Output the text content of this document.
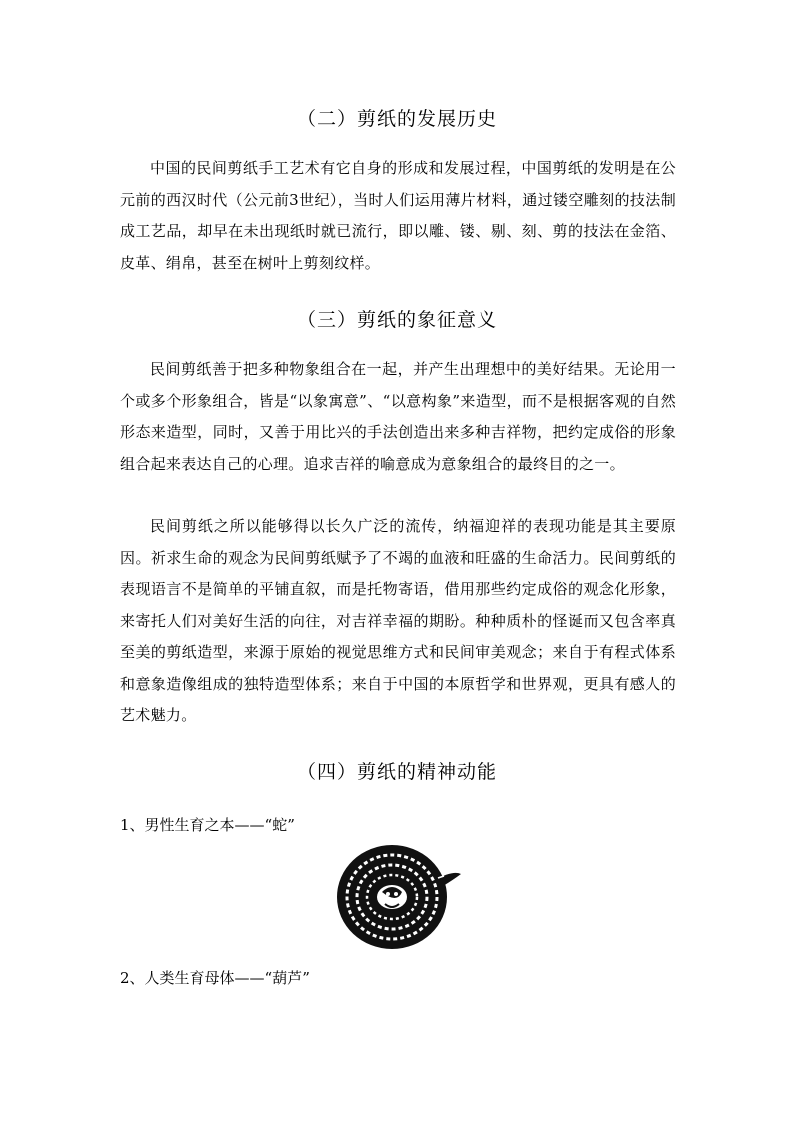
（二）剪纸的发展历史

中国的民间剪纸手工艺术有它自身的形成和发展过程，中国剪纸的发明是在公元前的西汉时代（公元前3世纪），当时人们运用薄片材料，通过镂空雕刻的技法制成工艺品，却早在未出现纸时就已流行，即以雕、镂、剔、刻、剪的技法在金箔、皮革、绢帛，甚至在树叶上剪刻纹样。

（三）剪纸的象征意义

民间剪纸善于把多种物象组合在一起，并产生出理想中的美好结果。无论用一个或多个形象组合，皆是“以象寓意”、“以意构象”来造型，而不是根据客观的自然形态来造型，同时，又善于用比兴的手法创造出来多种吉祥物，把约定成俗的形象组合起来表达自己的心理。追求吉祥的喻意成为意象组合的最终目的之一。

民间剪纸之所以能够得以长久广泛的流传，纳福迎祥的表现功能是其主要原因。祈求生命的观念为民间剪纸赋予了不竭的血液和旺盛的生命活力。民间剪纸的表现语言不是简单的平铺直叙，而是托物寄语，借用那些约定成俗的观念化形象，来寄托人们对美好生活的向往，对吉祥幸福的期盼。种种质朴的怪诞而又包含率真至美的剪纸造型，来源于原始的视觉思维方式和民间审美观念；来自于有程式体系和意象造像组成的独特造型体系；来自于中国的本原哲学和世界观，更具有感人的艺术魅力。

（四）剪纸的精神动能
1、男性生育之本——“蛇”
2、人类生育母体——“葫芦”
